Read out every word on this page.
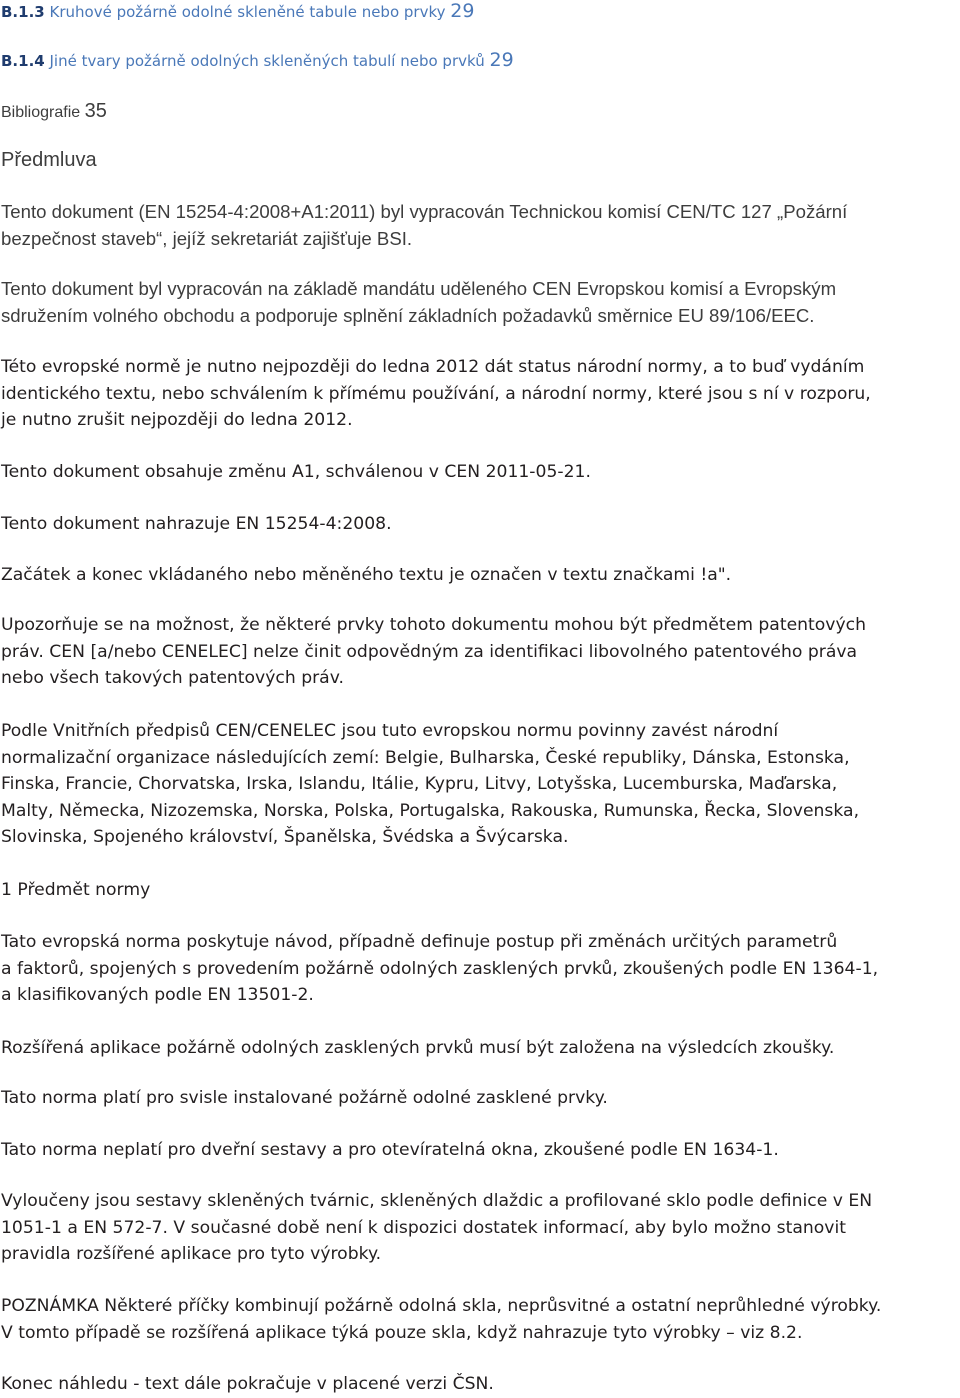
B.1.3 Kruhové požárně odolné skleněné tabule nebo prvky 29
B.1.4 Jiné tvary požárně odolných skleněných tabulí nebo prvků 29
Bibliografie 35
Předmluva

Tento dokument (EN 15254-4:2008+A1:2011) byl vypracován Technickou komisí CEN/TC 127 „Požární
bezpečnost staveb“, jejíž sekretariát zajišťuje BSI.

Tento dokument byl vypracován na základě mandátu uděleného CEN Evropskou komisí a Evropským
sdružením volného obchodu a podporuje splnění základních požadavků směrnice EU 89/106/EEC.

Této evropské normě je nutno nejpozději do ledna 2012 dát status národní normy, a to buď vydáním
identického textu, nebo schválením k přímému používání, a národní normy, které jsou s ní v rozporu,
je nutno zrušit nejpozději do ledna 2012.

Tento dokument obsahuje změnu A1, schválenou v CEN 2011-05-21.

Tento dokument nahrazuje EN 15254-4:2008.

Začátek a konec vkládaného nebo měněného textu je označen v textu značkami !a".

Upozorňuje se na možnost, že některé prvky tohoto dokumentu mohou být předmětem patentových
práv. CEN [a/nebo CENELEC] nelze činit odpovědným za identifikaci libovolného patentového práva
nebo všech takových patentových práv.

Podle Vnitřních předpisů CEN/CENELEC jsou tuto evropskou normu povinny zavést národní
normalizační organizace následujících zemí: Belgie, Bulharska, České republiky, Dánska, Estonska,
Finska, Francie, Chorvatska, Irska, Islandu, Itálie, Kypru, Litvy, Lotyšska, Lucemburska, Maďarska,
Malty, Německa, Nizozemska, Norska, Polska, Portugalska, Rakouska, Rumunska, Řecka, Slovenska,
Slovinska, Spojeného království, Španělska, Švédska a Švýcarska.

1 Předmět normy

Tato evropská norma poskytuje návod, případně definuje postup při změnách určitých parametrů
a faktorů, spojených s provedením požárně odolných zasklených prvků, zkoušených podle EN 1364-1,
a klasifikovaných podle EN 13501-2.

Rozšířená aplikace požárně odolných zasklených prvků musí být založena na výsledcích zkoušky.

Tato norma platí pro svisle instalované požárně odolné zasklené prvky.

Tato norma neplatí pro dveřní sestavy a pro otevíratelná okna, zkoušené podle EN 1634-1.

Vyloučeny jsou sestavy skleněných tvárnic, skleněných dlaždic a profilované sklo podle definice v EN
1051-1 a EN 572-7. V současné době není k dispozici dostatek informací, aby bylo možno stanovit
pravidla rozšířené aplikace pro tyto výrobky.

POZNÁMKA Některé příčky kombinují požárně odolná skla, neprůsvitné a ostatní neprůhledné výrobky.
V tomto případě se rozšířená aplikace týká pouze skla, když nahrazuje tyto výrobky – viz 8.2.

Konec náhledu - text dále pokračuje v placené verzi ČSN.
